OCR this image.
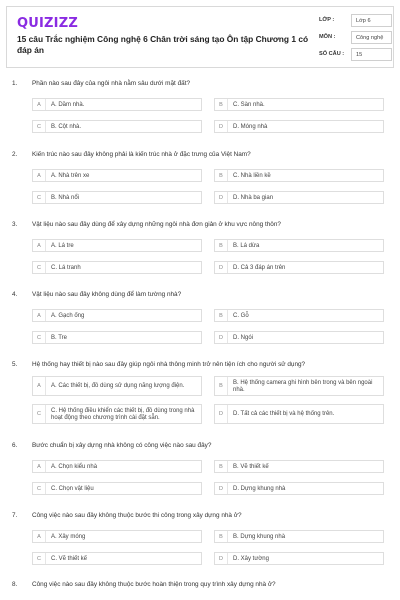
QUIZIZZ
15 câu Trắc nghiệm Công nghệ 6 Chân trời sáng tạo Ôn tập Chương 1 có đáp án
LỚP :	Lớp 6
MÔN :	Công nghệ
SỐ CÂU :	15
1. Phần nào sau đây của ngôi nhà nằm sâu dưới mặt đất?
A	A. Dầm nhà.	B	C. Sàn nhà.
C	B. Cột nhà.	D	D. Móng nhà
2. Kiến trúc nào sau đây không phải là kiến trúc nhà ở đặc trưng của Việt Nam?
A	A. Nhà trên xe	B	C. Nhà liền kề
C	B. Nhà nổi	D	D. Nhà ba gian
3. Vật liệu nào sau đây dùng để xây dựng những ngôi nhà đơn giản ở khu vực nông thôn?
A	A. Lá tre	B	B. Lá dừa
C	C. Lá tranh	D	D. Cả 3 đáp án trên
4. Vật liệu nào sau đây không dùng để làm tường nhà?
A	A. Gạch ống	B	C. Gỗ
C	B. Tre	D	D. Ngói
5. Hệ thống hay thiết bị nào sau đây giúp ngôi nhà thông minh trở nên tiện ích cho người sử dụng?
A	A. Các thiết bị, đồ dùng sử dụng năng lượng điện.	B
B. Hệ thống camera ghi hình bên trong và bên ngoài nhà.
C
C. Hệ thống điều khiển các thiết bị, đồ dùng trong nhà hoạt động theo chương trình cài đặt sẵn.
D	D. Tất cả các thiết bị và hệ thống trên.
6. Bước chuẩn bị xây dựng nhà không có công việc nào sau đây?
A	A. Chọn kiểu nhà	B	B. Vẽ thiết kế
C	C. Chọn vật liệu	D	D. Dựng khung nhà
7. Công việc nào sau đây không thuộc bước thi công trong xây dựng nhà ở?
A	A. Xây móng	B	B. Dựng khung nhà
C	C. Vẽ thiết kế	D	D. Xây tường
8. Công việc nào sau đây không thuộc bước hoàn thiện trong quy trình xây dựng nhà ở?
